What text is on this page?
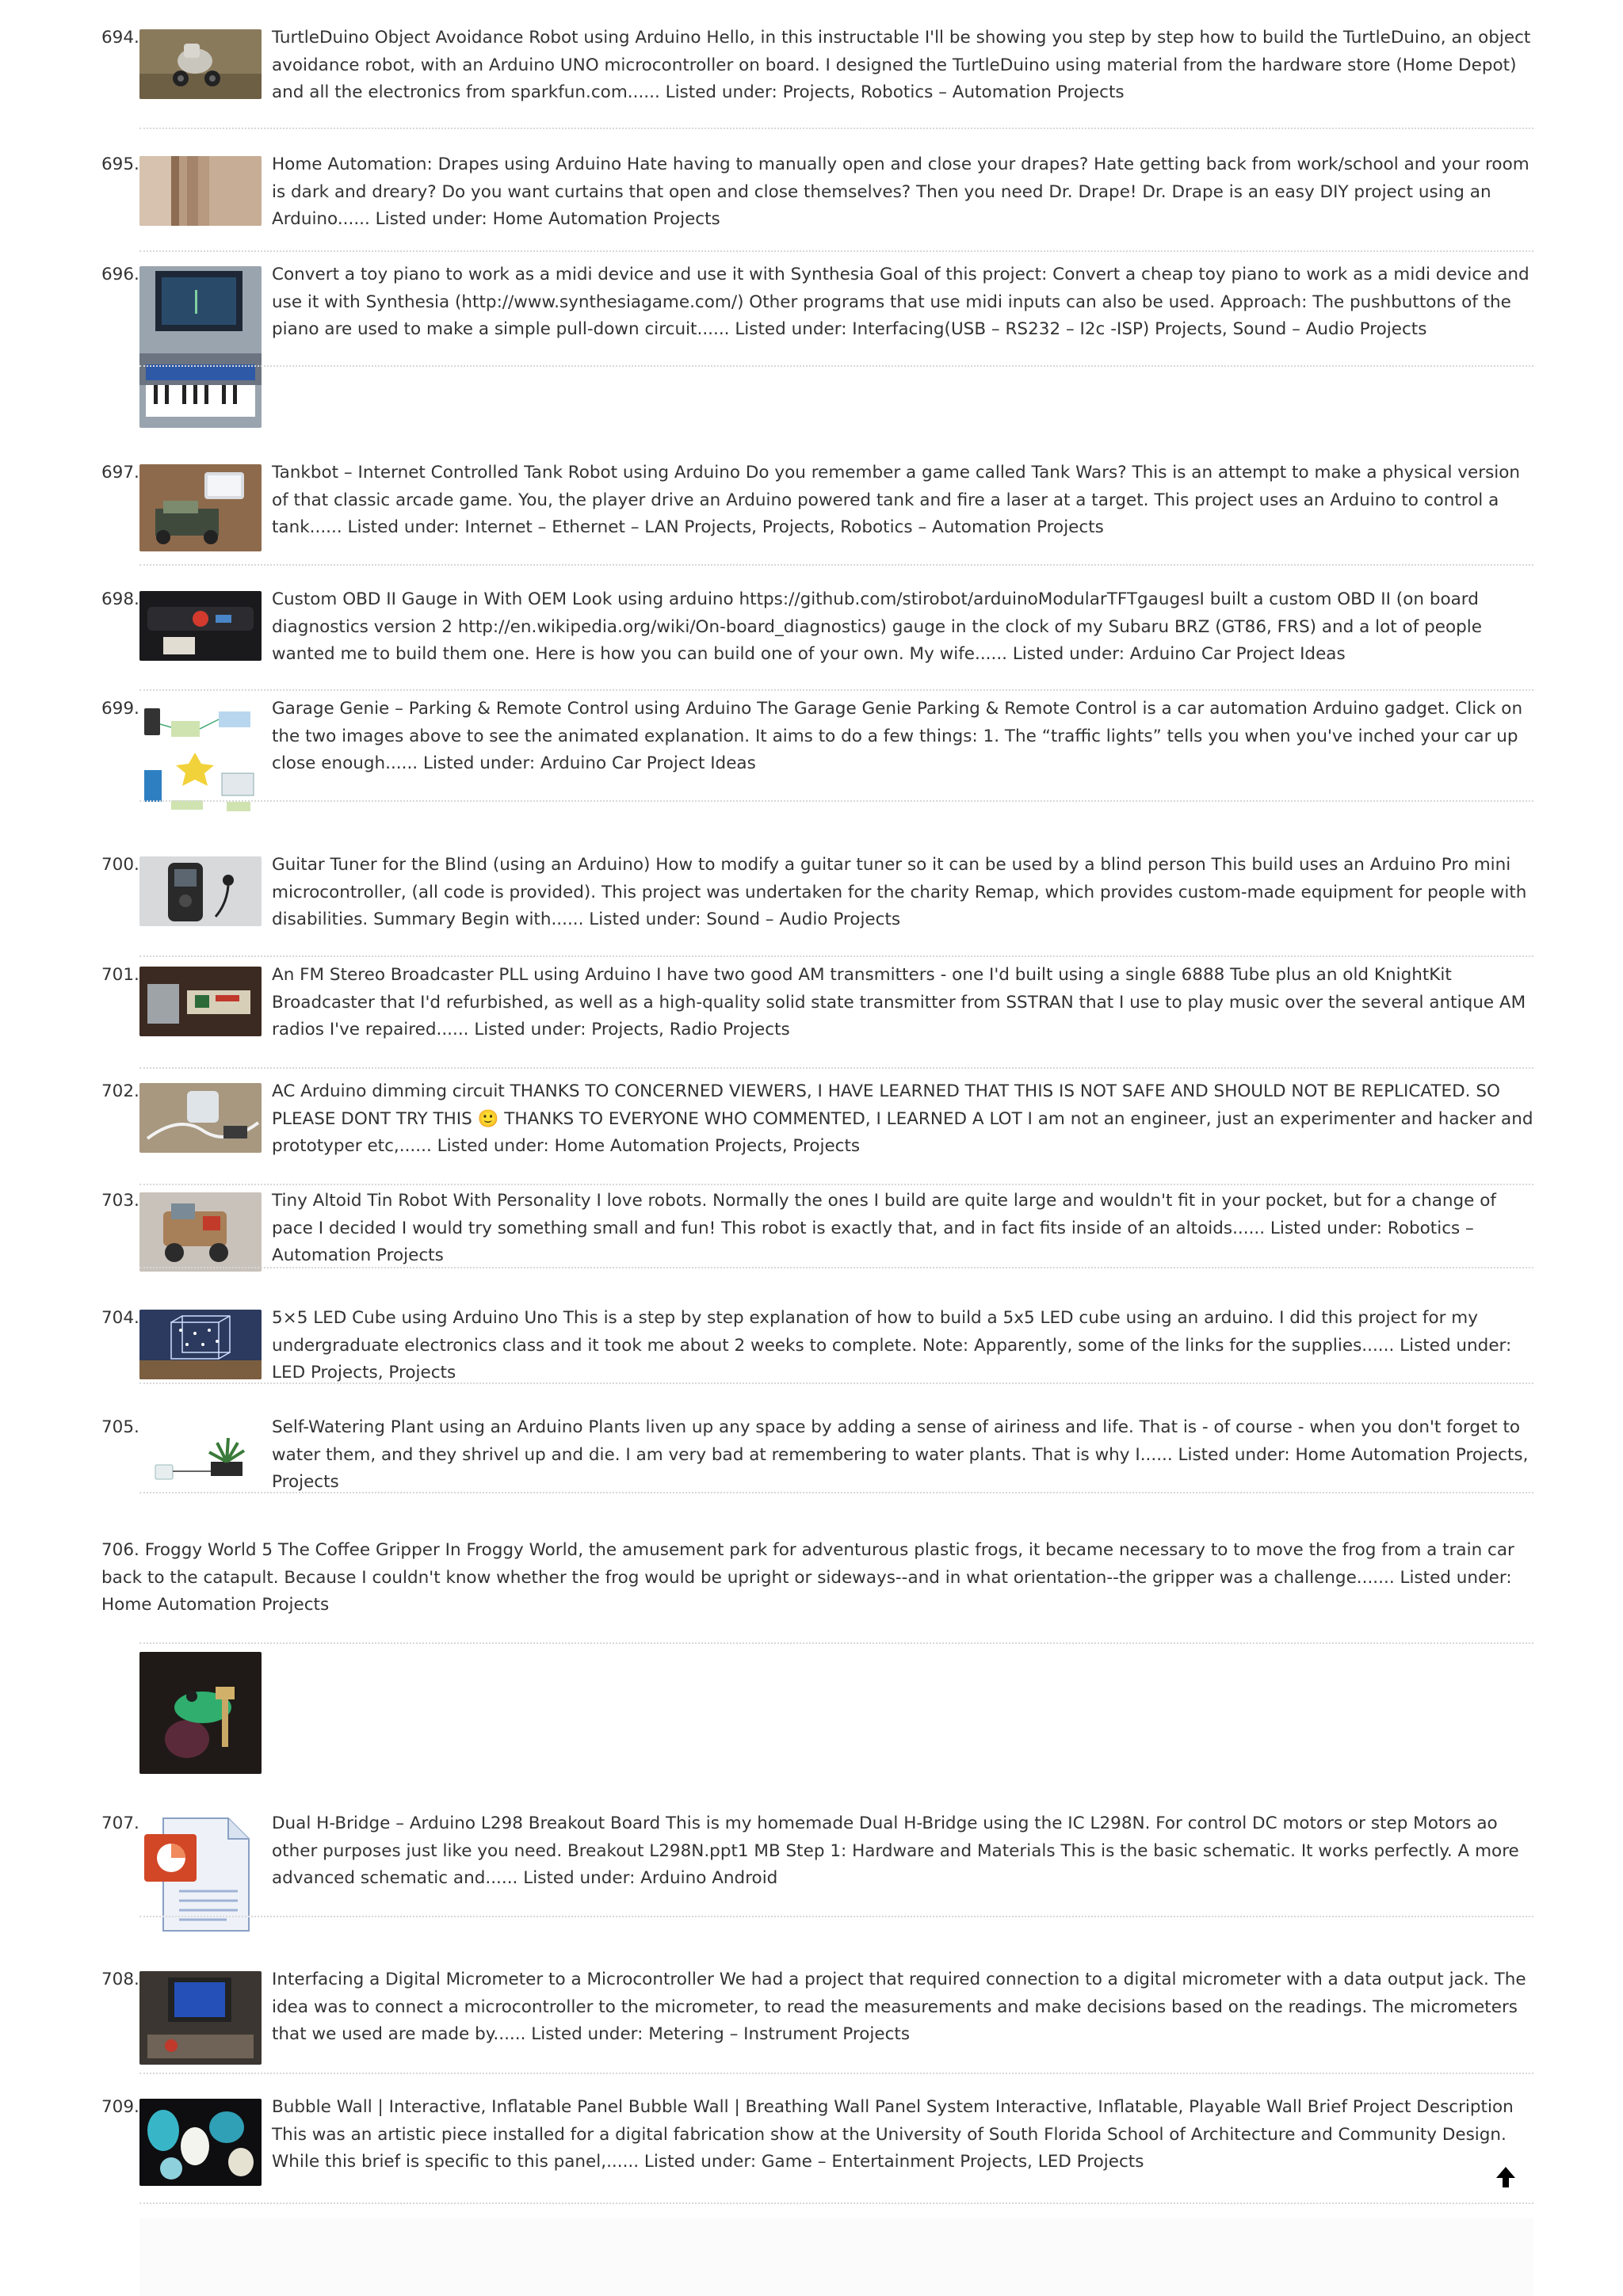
694.	TurtleDuino Object Avoidance Robot using Arduino Hello, in this instructable I'll be showing you step by step how to build the TurtleDuino, an object avoidance robot, with an Arduino UNO microcontroller on board. I designed the TurtleDuino using material from the hardware store (Home Depot) and all the electronics from sparkfun.com...... Listed under: Projects, Robotics – Automation Projects
695.	Home Automation: Drapes using Arduino Hate having to manually open and close your drapes? Hate getting back from work/school and your room is dark and dreary? Do you want curtains that open and close themselves? Then you need Dr. Drape! Dr. Drape is an easy DIY project using an Arduino...... Listed under: Home Automation Projects
696.	Convert a toy piano to work as a midi device and use it with Synthesia Goal of this project: Convert a cheap toy piano to work as a midi device and use it with Synthesia (http://www.synthesiagame.com/) Other programs that use midi inputs can also be used. Approach: The pushbuttons of the piano are used to make a simple pull-down circuit...... Listed under: Interfacing(USB – RS232 – I2c -ISP) Projects, Sound – Audio Projects
697.	Tankbot – Internet Controlled Tank Robot using Arduino Do you remember a game called Tank Wars? This is an attempt to make a physical version of that classic arcade game. You, the player drive an Arduino powered tank and fire a laser at a target. This project uses an Arduino to control a tank...... Listed under: Internet – Ethernet – LAN Projects, Projects, Robotics – Automation Projects
698.	Custom OBD II Gauge in With OEM Look using arduino https://github.com/stirobot/arduinoModularTFTgaugesI built a custom OBD II (on board diagnostics version 2 http://en.wikipedia.org/wiki/On-board_diagnostics) gauge in the clock of my Subaru BRZ (GT86, FRS) and a lot of people wanted me to build them one. Here is how you can build one of your own. My wife...... Listed under: Arduino Car Project Ideas
699.	Garage Genie – Parking & Remote Control using Arduino The Garage Genie Parking & Remote Control is a car automation Arduino gadget. Click on the two images above to see the animated explanation. It aims to do a few things: 1. The “traffic lights” tells you when you've inched your car up close enough...... Listed under: Arduino Car Project Ideas
700.	Guitar Tuner for the Blind (using an Arduino) How to modify a guitar tuner so it can be used by a blind person This build uses an Arduino Pro mini microcontroller, (all code is provided). This project was undertaken for the charity Remap, which provides custom-made equipment for people with disabilities. Summary Begin with...... Listed under: Sound – Audio Projects
701.	An FM Stereo Broadcaster PLL using Arduino I have two good AM transmitters - one I'd built using a single 6888 Tube plus an old KnightKit Broadcaster that I'd refurbished, as well as a high-quality solid state transmitter from SSTRAN that I use to play music over the several antique AM radios I've repaired...... Listed under: Projects, Radio Projects
702.	AC Arduino dimming circuit THANKS TO CONCERNED VIEWERS, I HAVE LEARNED THAT THIS IS NOT SAFE AND SHOULD NOT BE REPLICATED. SO PLEASE DONT TRY THIS 🙂 THANKS TO EVERYONE WHO COMMENTED, I LEARNED A LOT I am not an engineer, just an experimenter and hacker and prototyper etc,...... Listed under: Home Automation Projects, Projects
703.	Tiny Altoid Tin Robot With Personality I love robots. Normally the ones I build are quite large and wouldn't fit in your pocket, but for a change of pace I decided I would try something small and fun! This robot is exactly that, and in fact fits inside of an altoids...... Listed under: Robotics – Automation Projects
704.	5×5 LED Cube using Arduino Uno This is a step by step explanation of how to build a 5x5 LED cube using an arduino. I did this project for my undergraduate electronics class and it took me about 2 weeks to complete. Note: Apparently, some of the links for the supplies...... Listed under: LED Projects, Projects
705.	Self-Watering Plant using an Arduino Plants liven up any space by adding a sense of airiness and life. That is - of course - when you don't forget to water them, and they shrivel up and die. I am very bad at remembering to water plants. That is why I...... Listed under: Home Automation Projects, Projects
706. Froggy World 5 The Coffee Gripper In Froggy World, the amusement park for adventurous plastic frogs, it became necessary to to move the frog from a train car back to the catapult. Because I couldn't know whether the frog would be upright or sideways--and in what orientation--the gripper was a challenge....... Listed under: Home Automation Projects
707.	Dual H-Bridge – Arduino L298 Breakout Board This is my homemade Dual H-Bridge using the IC L298N. For control DC motors or step Motors ao other purposes just like you need. Breakout L298N.ppt1 MB Step 1: Hardware and Materials This is the basic schematic. It works perfectly. A more advanced schematic and...... Listed under: Arduino Android
708.	Interfacing a Digital Micrometer to a Microcontroller We had a project that required connection to a digital micrometer with a data output jack. The idea was to connect a microcontroller to the micrometer, to read the measurements and make decisions based on the readings. The micrometers that we used are made by...... Listed under: Metering – Instrument Projects
709.	Bubble Wall | Interactive, Inflatable Panel Bubble Wall | Breathing Wall Panel System Interactive, Inflatable, Playable Wall Brief Project Description This was an artistic piece installed for a digital fabrication show at the University of South Florida School of Architecture and Community Design. While this brief is specific to this panel,...... Listed under: Game – Entertainment Projects, LED Projects
